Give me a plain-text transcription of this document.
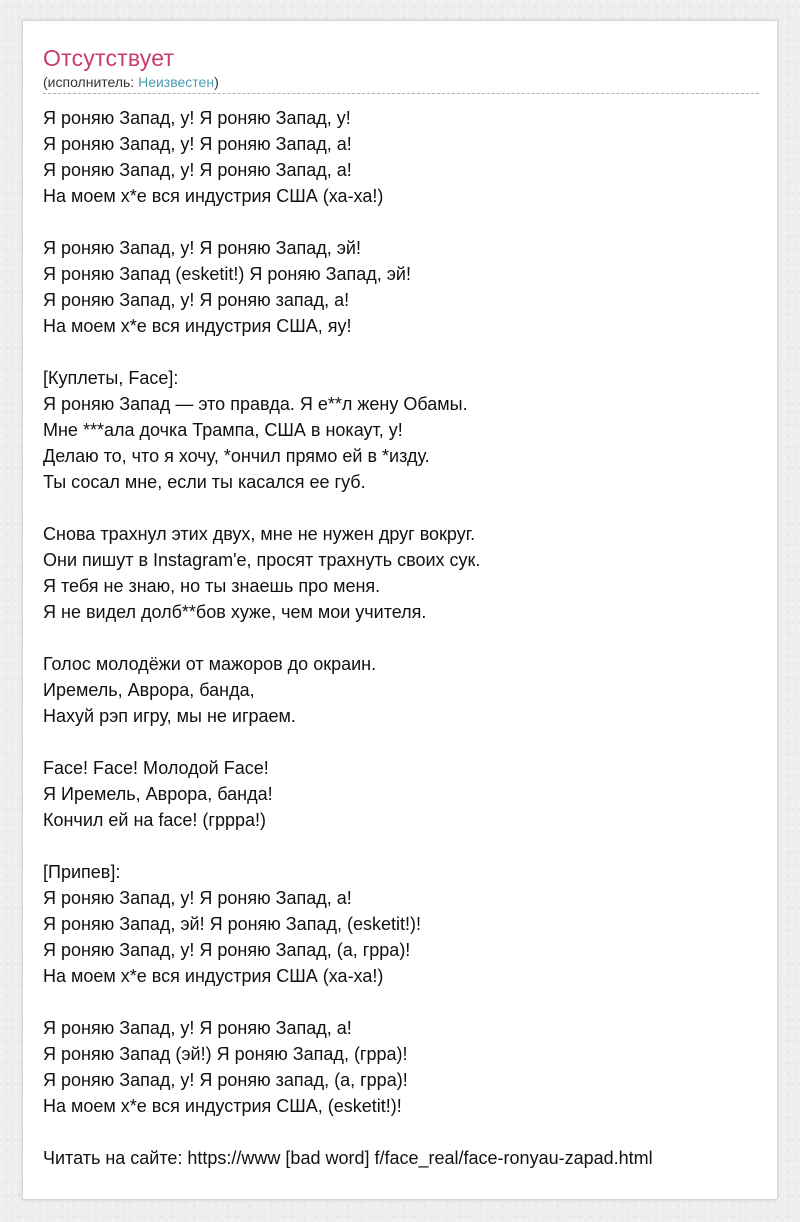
Отсутствует
(исполнитель: Неизвестен)
Я роняю Запад, у! Я роняю Запад, у!
Я роняю Запад, у! Я роняю Запад, а!
Я роняю Запад, у! Я роняю Запад, а!
На моем х*е вся индустрия США (ха-ха!)

Я роняю Запад, у! Я роняю Запад, эй!
Я роняю Запад (esketit!) Я роняю Запад, эй!
Я роняю Запад, у! Я роняю запад, а!
На моем х*е вся индустрия США, яу!

[Куплеты, Face]:
Я роняю Запад — это правда. Я е**л жену Обамы.
Мне ***ала дочка Трампа, США в нокаут, у!
Делаю то, что я хочу, *ончил прямо ей в *изду.
Ты сосал мне, если ты касался ее губ.

Снова трахнул этих двух, мне не нужен друг вокруг.
Они пишут в Instagram'e, просят трахнуть своих сук.
Я тебя не знаю, но ты знаешь про меня.
Я не видел долб**бов хуже, чем мои учителя.

Голос молодёжи от мажоров до окраин.
Иремель, Аврора, банда,
Нахуй рэп игру, мы не играем.

Face! Face! Молодой Face!
Я Иремель, Аврора, банда!
Кончил ей на face! (грррa!)

[Припев]:
Я роняю Запад, у! Я роняю Запад, а!
Я роняю Запад, эй! Я роняю Запад, (esketit!)!
Я роняю Запад, у! Я роняю Запад, (а, грра)!
На моем х*е вся индустрия США (ха-ха!)

Я роняю Запад, у! Я роняю Запад, а!
Я роняю Запад (эй!) Я роняю Запад, (грра)!
Я роняю Запад, у! Я роняю запад, (а, грра)!
На моем х*е вся индустрия США, (esketit!)!
Читать на сайте: https://www [bad word] f/face_real/face-ronyau-zapad.html
